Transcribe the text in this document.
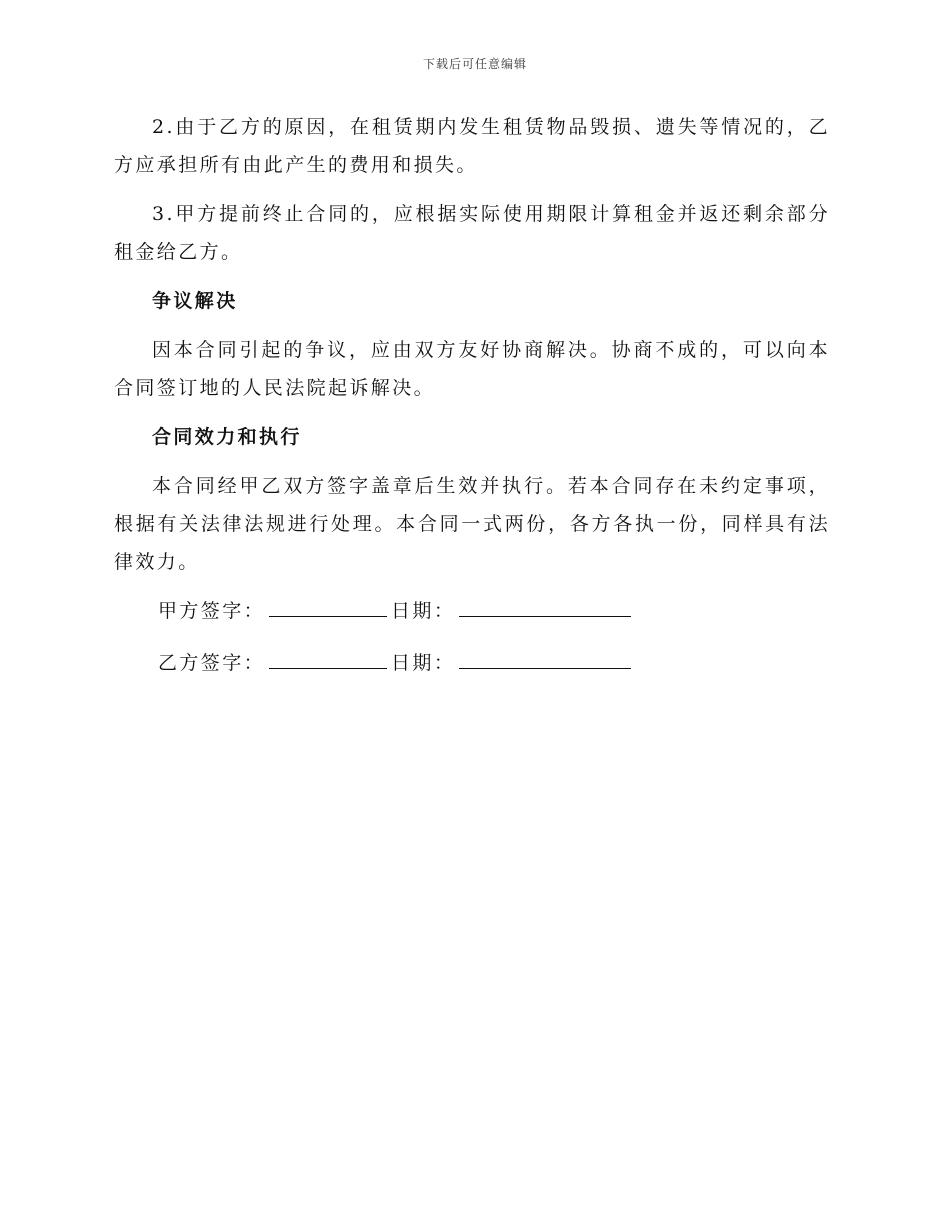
下载后可任意编辑

2.由于乙方的原因，在租赁期内发生租赁物品毁损、遗失等情况的，乙方应承担所有由此产生的费用和损失。

3.甲方提前终止合同的，应根据实际使用期限计算租金并返还剩余部分租金给乙方。

争议解决

因本合同引起的争议，应由双方友好协商解决。协商不成的，可以向本合同签订地的人民法院起诉解决。

合同效力和执行

本合同经甲乙双方签字盖章后生效并执行。若本合同存在未约定事项，根据有关法律法规进行处理。本合同一式两份，各方各执一份，同样具有法律效力。

甲方签字：	日期：
乙方签字：	日期：
